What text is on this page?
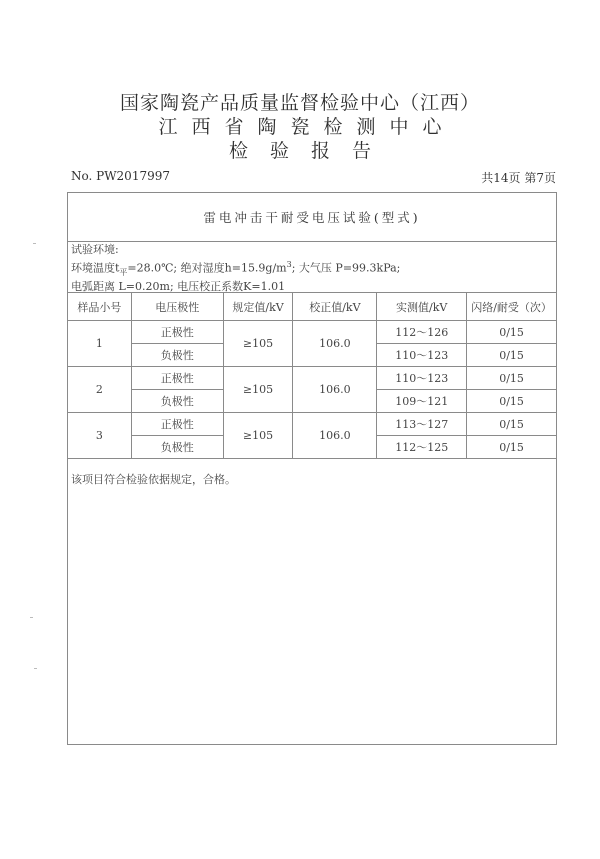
国家陶瓷产品质量监督检验中心（江西）
江西省陶瓷检测中心
检验报告
No. PW2017997	共14页 第7页
雷电冲击干耐受电压试验(型式)
试验环境:
环境温度$t_平=28.0℃$; 绝对湿度$h=15.9g/m^3$; 大气压 P=99.3kPa;
电弧距离 L=0.20m; 电压校正系数K=1.01
样品小号	电压极性	规定值/kV	校正值/kV	实测值/kV	闪络/耐受（次）
1	正极性	≥105	106.0	112～126	0/15
	负极性			110～123	0/15
2	正极性	≥105	106.0	110～123	0/15
	负极性			109～121	0/15
3	正极性	≥105	106.0	113～127	0/15
	负极性			112～125	0/15
该项目符合检验依据规定，合格。
